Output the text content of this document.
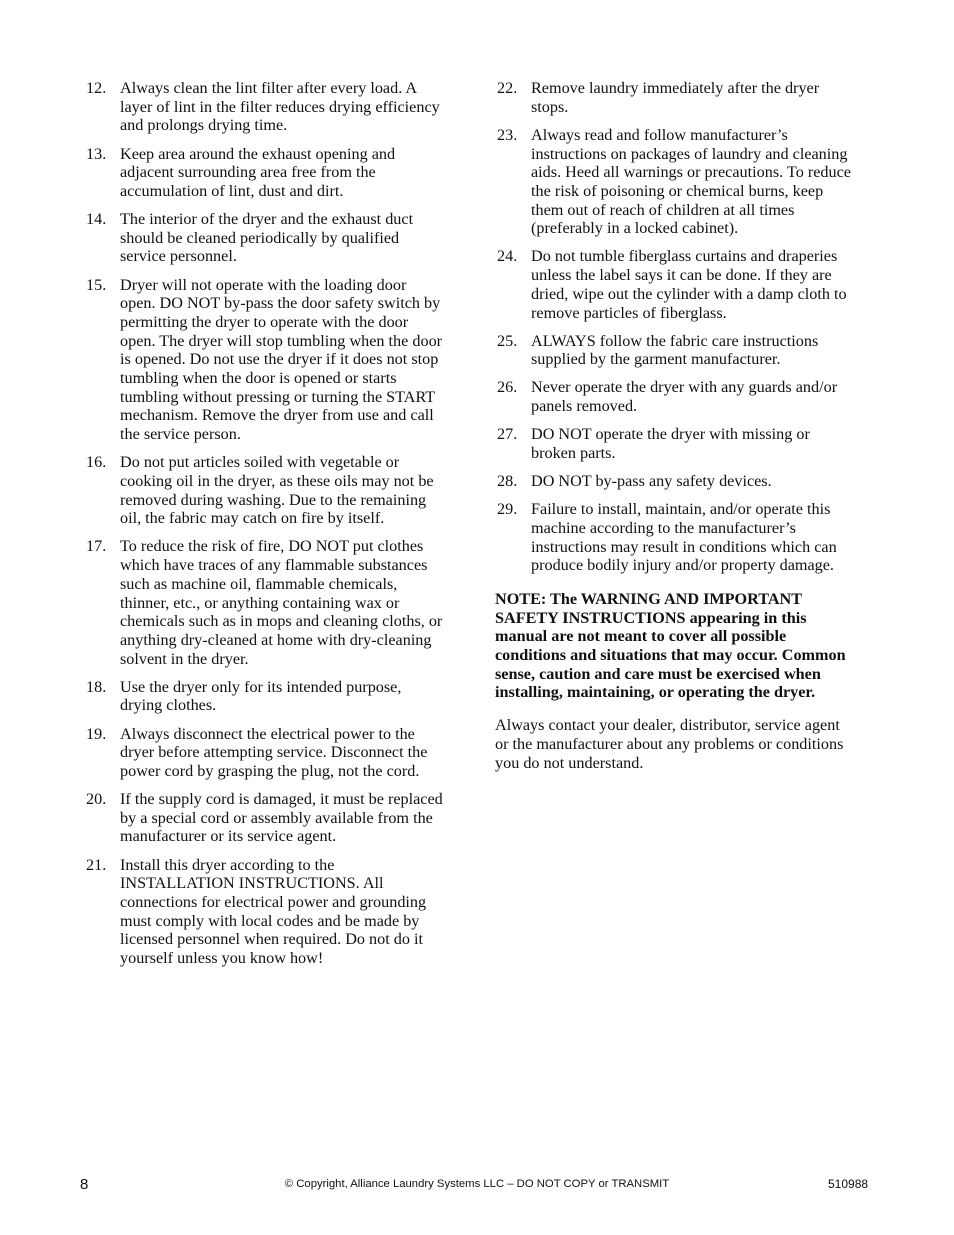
12. Always clean the lint filter after every load. A
layer of lint in the filter reduces drying efficiency
and prolongs drying time.
13. Keep area around the exhaust opening and
adjacent surrounding area free from the
accumulation of lint, dust and dirt.
14. The interior of the dryer and the exhaust duct
should be cleaned periodically by qualified
service personnel.
15. Dryer will not operate with the loading door
open. DO NOT by-pass the door safety switch by
permitting the dryer to operate with the door
open. The dryer will stop tumbling when the door
is opened. Do not use the dryer if it does not stop
tumbling when the door is opened or starts
tumbling without pressing or turning the START
mechanism. Remove the dryer from use and call
the service person.
16. Do not put articles soiled with vegetable or
cooking oil in the dryer, as these oils may not be
removed during washing. Due to the remaining
oil, the fabric may catch on fire by itself.
17. To reduce the risk of fire, DO NOT put clothes
which have traces of any flammable substances
such as machine oil, flammable chemicals,
thinner, etc., or anything containing wax or
chemicals such as in mops and cleaning cloths, or
anything dry-cleaned at home with dry-cleaning
solvent in the dryer.
18. Use the dryer only for its intended purpose,
drying clothes.
19. Always disconnect the electrical power to the
dryer before attempting service. Disconnect the
power cord by grasping the plug, not the cord.
20. If the supply cord is damaged, it must be replaced
by a special cord or assembly available from the
manufacturer or its service agent.
21. Install this dryer according to the
INSTALLATION INSTRUCTIONS. All
connections for electrical power and grounding
must comply with local codes and be made by
licensed personnel when required. Do not do it
yourself unless you know how!
22. Remove laundry immediately after the dryer
stops.
23. Always read and follow manufacturer’s
instructions on packages of laundry and cleaning
aids. Heed all warnings or precautions. To reduce
the risk of poisoning or chemical burns, keep
them out of reach of children at all times
(preferably in a locked cabinet).
24. Do not tumble fiberglass curtains and draperies
unless the label says it can be done. If they are
dried, wipe out the cylinder with a damp cloth to
remove particles of fiberglass.
25. ALWAYS follow the fabric care instructions
supplied by the garment manufacturer.
26. Never operate the dryer with any guards and/or
panels removed.
27. DO NOT operate the dryer with missing or
broken parts.
28. DO NOT by-pass any safety devices.
29. Failure to install, maintain, and/or operate this
machine according to the manufacturer’s
instructions may result in conditions which can
produce bodily injury and/or property damage.
NOTE: The WARNING AND IMPORTANT
SAFETY INSTRUCTIONS appearing in this
manual are not meant to cover all possible
conditions and situations that may occur. Common
sense, caution and care must be exercised when
installing, maintaining, or operating the dryer.
Always contact your dealer, distributor, service agent
or the manufacturer about any problems or conditions
you do not understand.
8	© Copyright, Alliance Laundry Systems LLC – DO NOT COPY or TRANSMIT	510988
